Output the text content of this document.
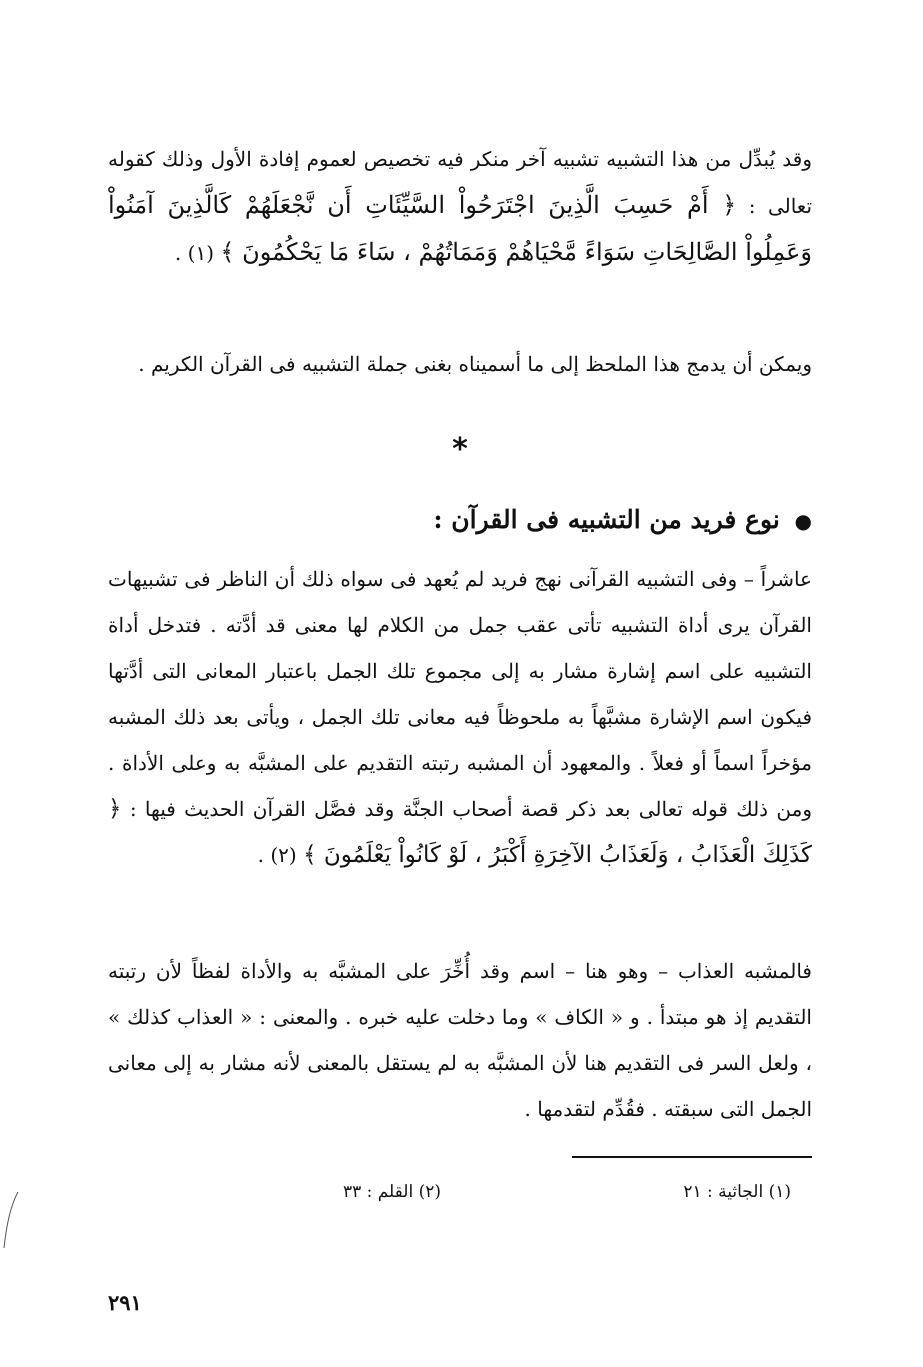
وقد يُبدِّل من هذا التشبيه تشبيه آخر منكر فيه تخصيص لعموم إفادة الأول وذلك كقوله تعالى : ﴿ أَمْ حَسِبَ الَّذِينَ اجْتَرَحُواْ السَّيِّئَاتِ أَن نَّجْعَلَهُمْ كَالَّذِينَ آمَنُواْ وَعَمِلُواْ الصَّالِحَاتِ سَوَاءً مَّحْيَاهُمْ وَمَمَاتُهُمْ ، سَاءَ مَا يَحْكُمُونَ ﴾ (١) .
ويمكن أن يدمج هذا الملحظ إلى ما أسميناه بغنى جملة التشبيه فى القرآن الكريم .
*
● نوع فريد من التشبيه فى القرآن :
عاشراً – وفى التشبيه القرآنى نهج فريد لم يُعهد فى سواه ذلك أن الناظر فى تشبيهات القرآن يرى أداة التشبيه تأتى عقب جمل من الكلام لها معنى قد أدَّته . فتدخل أداة التشبيه على اسم إشارة مشار به إلى مجموع تلك الجمل باعتبار المعانى التى أدَّتها فيكون اسم الإشارة مشبَّهاً به ملحوظاً فيه معانى تلك الجمل ، ويأتى بعد ذلك المشبه مؤخراً اسماً أو فعلاً . والمعهود أن المشبه رتبته التقديم على المشبَّه به وعلى الأداة . ومن ذلك قوله تعالى بعد ذكر قصة أصحاب الجنَّة وقد فصَّل القرآن الحديث فيها : ﴿ كَذَلِكَ الْعَذَابُ ، وَلَعَذَابُ الآخِرَةِ أَكْبَرُ ، لَوْ كَانُواْ يَعْلَمُونَ ﴾ (٢) .
فالمشبه العذاب – وهو هنا – اسم وقد أُخِّرَ على المشبَّه به والأداة لفظاً لأن رتبته التقديم إذ هو مبتدأ . و « الكاف » وما دخلت عليه خبره . والمعنى : « العذاب كذلك » ، ولعل السر فى التقديم هنا لأن المشبَّه به لم يستقل بالمعنى لأنه مشار به إلى معانى الجمل التى سبقته . فقُدِّم لتقدمها .
(١) الجاثية : ٢١
(٢) القلم : ٣٣
٢٩١
